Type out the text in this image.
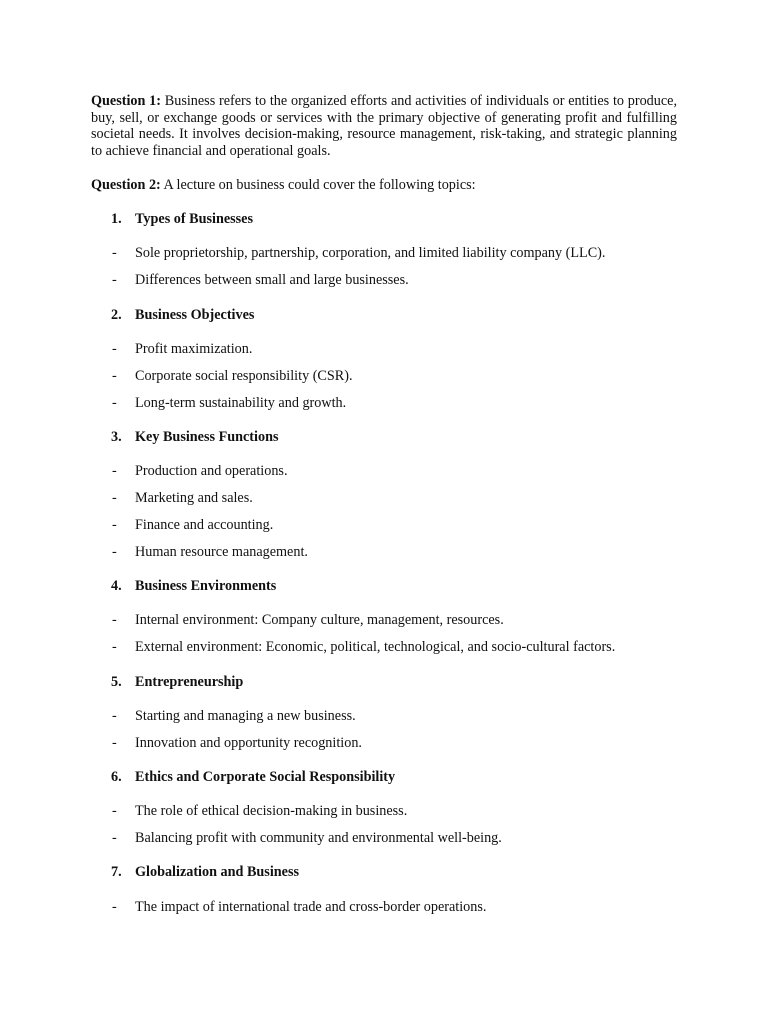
Question 1: Business refers to the organized efforts and activities of individuals or entities to produce, buy, sell, or exchange goods or services with the primary objective of generating profit and fulfilling societal needs. It involves decision-making, resource management, risk-taking, and strategic planning to achieve financial and operational goals.

Question 2: A lecture on business could cover the following topics:

1. Types of Businesses
- Sole proprietorship, partnership, corporation, and limited liability company (LLC).
- Differences between small and large businesses.
2. Business Objectives
- Profit maximization.
- Corporate social responsibility (CSR).
- Long-term sustainability and growth.
3. Key Business Functions
- Production and operations.
- Marketing and sales.
- Finance and accounting.
- Human resource management.
4. Business Environments
- Internal environment: Company culture, management, resources.
- External environment: Economic, political, technological, and socio-cultural factors.
5. Entrepreneurship
- Starting and managing a new business.
- Innovation and opportunity recognition.
6. Ethics and Corporate Social Responsibility
- The role of ethical decision-making in business.
- Balancing profit with community and environmental well-being.
7. Globalization and Business
- The impact of international trade and cross-border operations.
